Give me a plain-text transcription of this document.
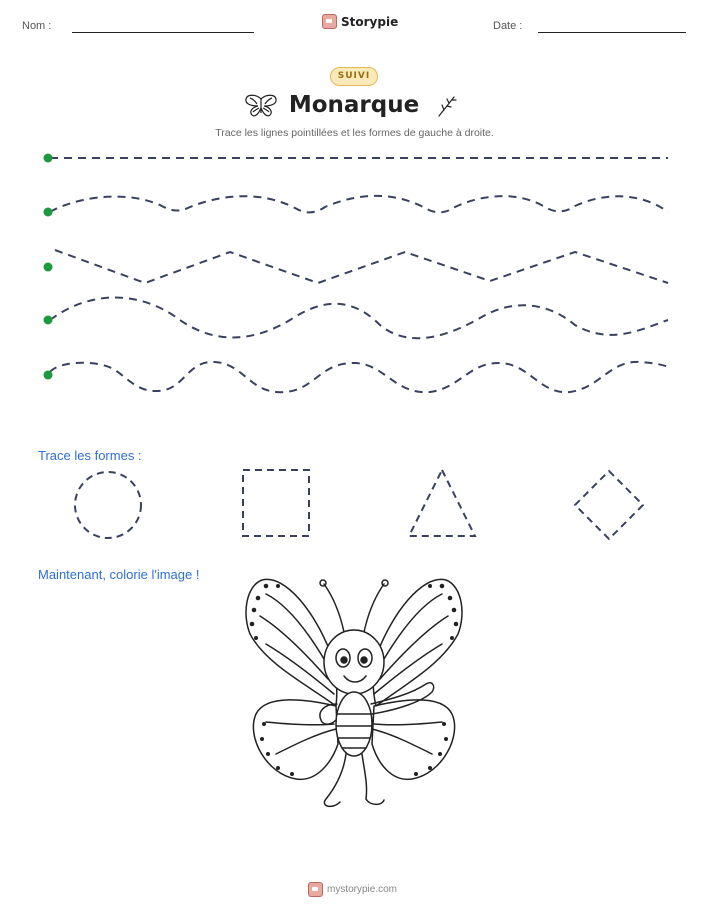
Nom :	Storypie	Date :
SUIVI
Monarque
Trace les lignes pointillées et les formes de gauche à droite.
Trace les formes :
Maintenant, colorie l'image !
mystorypie.com
